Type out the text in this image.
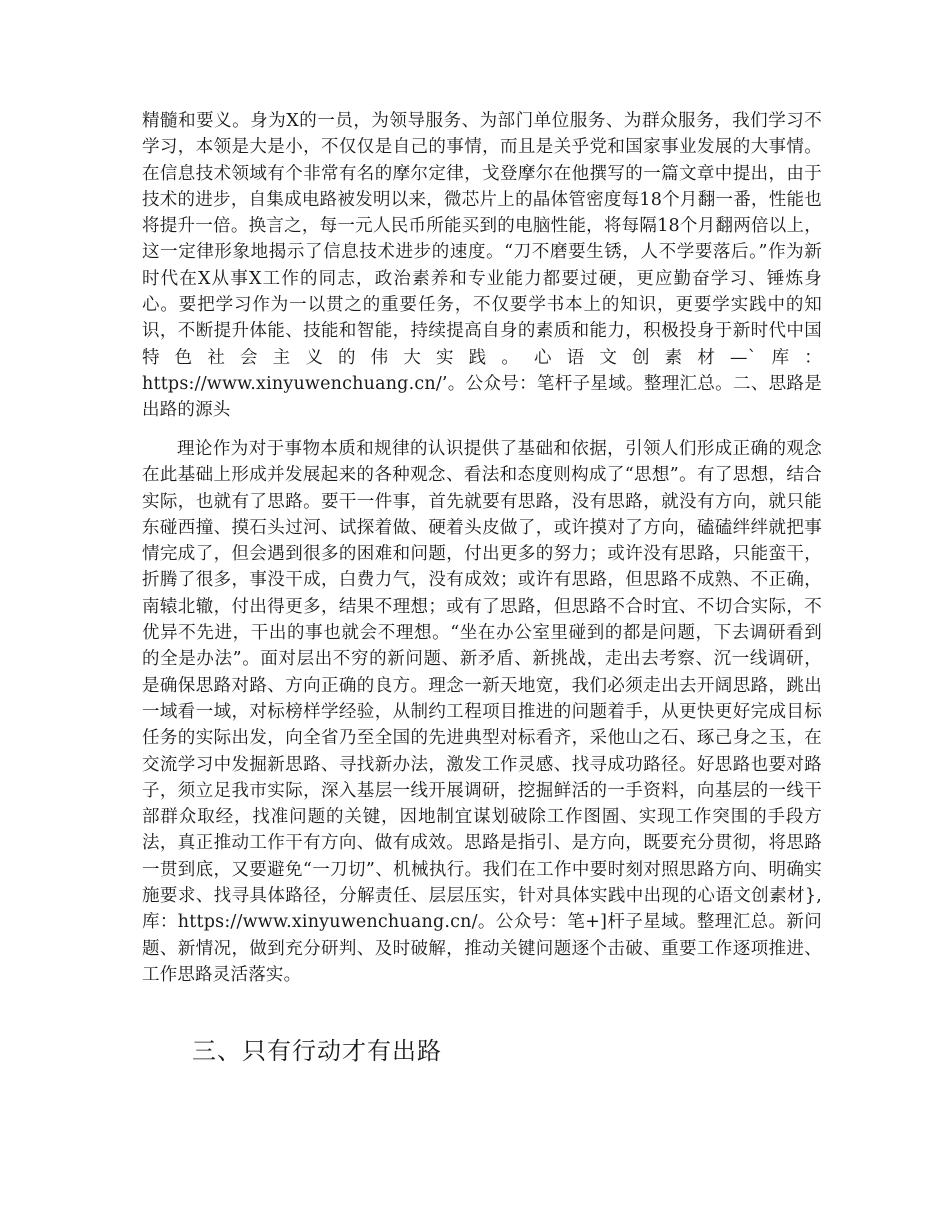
精髓和要义。身为X的一员，为领导服务、为部门单位服务、为群众服务，我们学习不学习，本领是大是小，不仅仅是自己的事情，而且是关乎党和国家事业发展的大事情。在信息技术领域有个非常有名的摩尔定律，戈登摩尔在他撰写的一篇文章中提出，由于技术的进步，自集成电路被发明以来，微芯片上的晶体管密度每18个月翻一番，性能也将提升一倍。换言之，每一元人民币所能买到的电脑性能，将每隔18个月翻两倍以上，这一定律形象地揭示了信息技术进步的速度。“刀不磨要生锈，人不学要落后。”作为新时代在X从事X工作的同志，政治素养和专业能力都要过硬，更应勤奋学习、锤炼身心。要把学习作为一以贯之的重要任务，不仅要学书本上的知识，更要学实践中的知识，不断提升体能、技能和智能，持续提高自身的素质和能力，积极投身于新时代中国特色社会主义的伟大实践。心语文创素材—`库：https://www.xinyuwenchuang.cn/’。公众号：笔杆子星域。整理汇总。二、思路是出路的源头

理论作为对于事物本质和规律的认识提供了基础和依据，引领人们形成正确的观念在此基础上形成并发展起来的各种观念、看法和态度则构成了“思想”。有了思想，结合实际，也就有了思路。要干一件事，首先就要有思路，没有思路，就没有方向，就只能东碰西撞、摸石头过河、试探着做、硬着头皮做了，或许摸对了方向，磕磕绊绊就把事情完成了，但会遇到很多的困难和问题，付出更多的努力；或许没有思路，只能蛮干，折腾了很多，事没干成，白费力气，没有成效；或许有思路，但思路不成熟、不正确，南辕北辙，付出得更多，结果不理想；或有了思路，但思路不合时宜、不切合实际，不优异不先进，干出的事也就会不理想。“坐在办公室里碰到的都是问题，下去调研看到的全是办法”。面对层出不穷的新问题、新矛盾、新挑战，走出去考察、沉一线调研，是确保思路对路、方向正确的良方。理念一新天地宽，我们必须走出去开阔思路，跳出一域看一域，对标榜样学经验，从制约工程项目推进的问题着手，从更快更好完成目标任务的实际出发，向全省乃至全国的先进典型对标看齐，采他山之石、琢己身之玉，在交流学习中发掘新思路、寻找新办法，激发工作灵感、找寻成功路径。好思路也要对路子，须立足我市实际，深入基层一线开展调研，挖掘鲜活的一手资料，向基层的一线干部群众取经，找准问题的关键，因地制宜谋划破除工作图圄、实现工作突围的手段方法，真正推动工作干有方向、做有成效。思路是指引、是方向，既要充分贯彻，将思路一贯到底，又要避免“一刀切”、机械执行。我们在工作中要时刻对照思路方向、明确实施要求、找寻具体路径，分解责任、层层压实，针对具体实践中出现的心语文创素材},库：https://www.xinyuwenchuang.cn/。公众号：笔+]杆子星域。整理汇总。新问题、新情况，做到充分研判、及时破解，推动关键问题逐个击破、重要工作逐项推进、工作思路灵活落实。

三、只有行动才有出路
